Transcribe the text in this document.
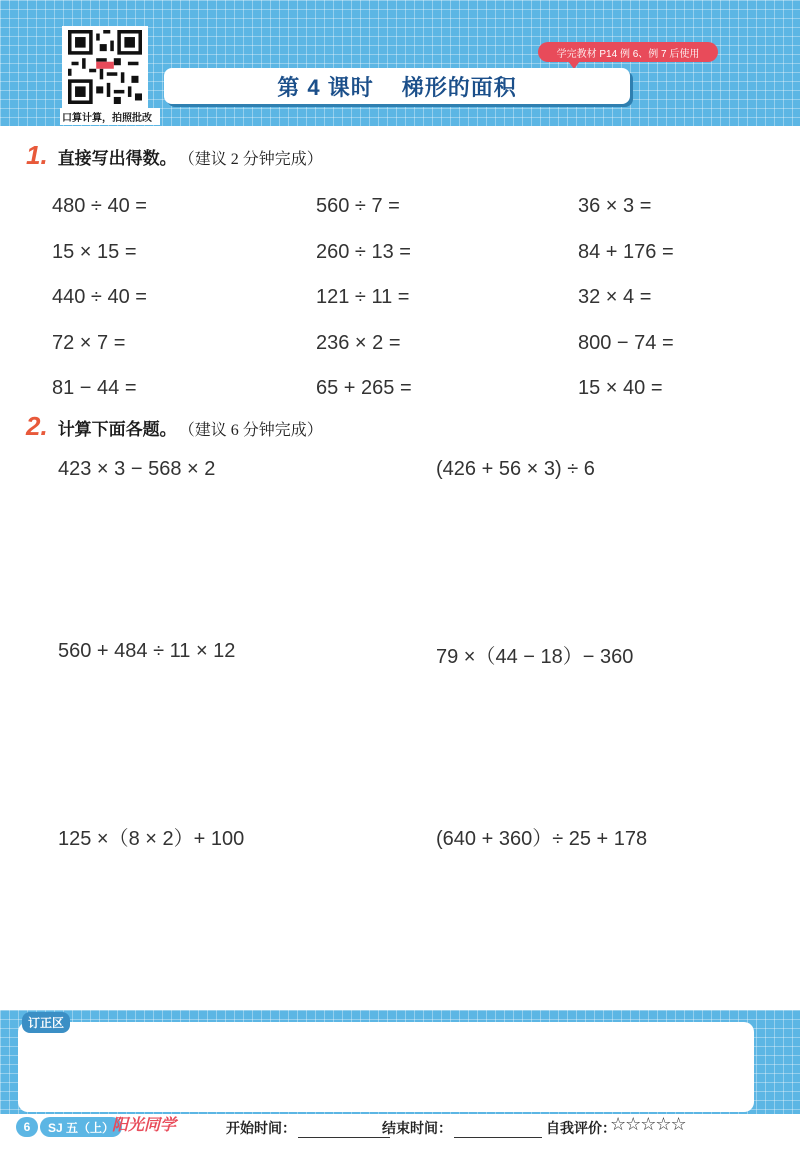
口算计算，拍照批改
学完教材 P14 例 6、例 7 后使用
第 4 课时 梯形的面积
1. 直接写出得数。 （建议 2 分钟完成）
480 ÷ 40 =	560 ÷ 7 =	36 × 3 =
15 × 15 =	260 ÷ 13 =	84 + 176 =
440 ÷ 40 =	121 ÷ 11 =	32 × 4 =
72 × 7 =	236 × 2 =	800 − 74 =
81 − 44 =	65 + 265 =	15 × 40 =
2. 计算下面各题。 （建议 6 分钟完成）
423 × 3 − 568 × 2	(426 + 56 × 3) ÷ 6
560 + 484 ÷ 11 × 12	79 ×（44 − 18）− 360
125 ×（8 × 2）+ 100	(640 + 360）÷ 25 + 178
订正区
6	SJ 五（上）
阳光同学	开始时间：	结束时间：	自我评价：
☆☆☆☆☆
